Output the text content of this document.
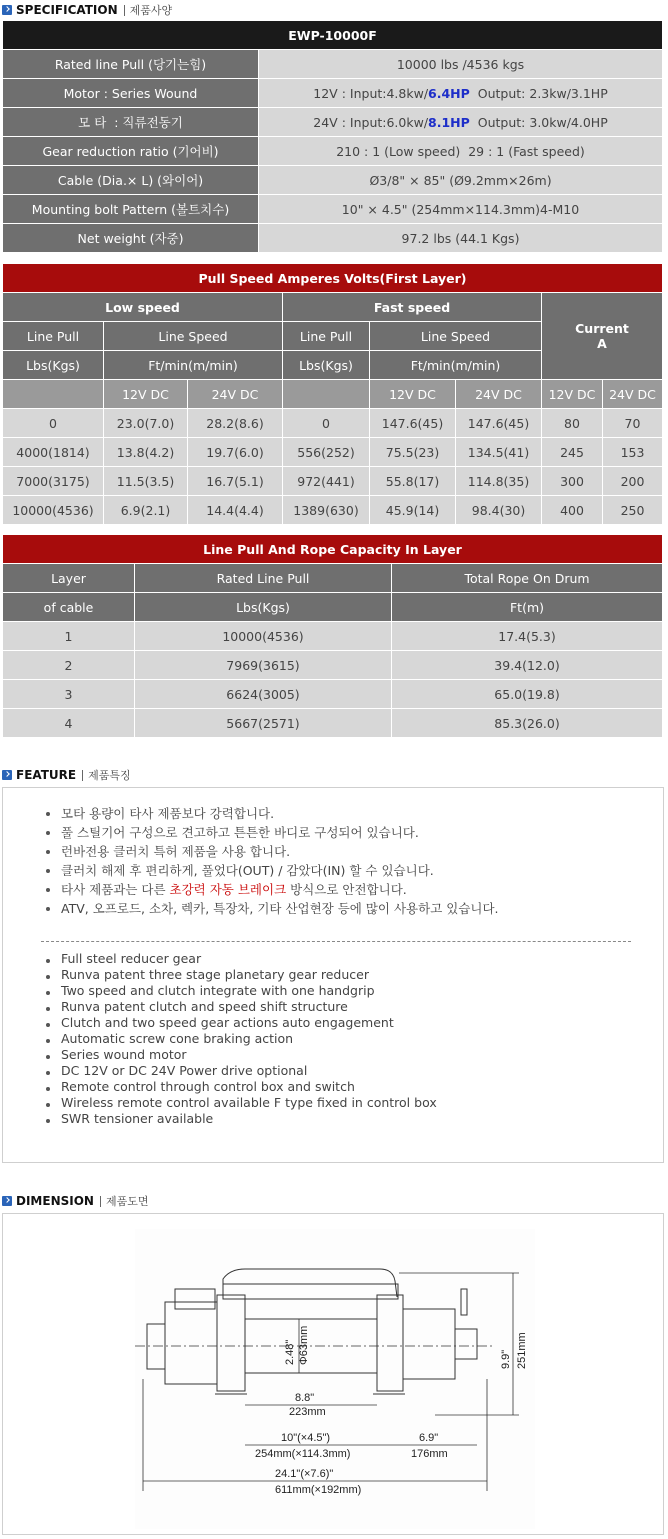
SPECIFICATION 제품사양
EWP-10000F	
Rated line Pull (당기는힘)	10000 lbs /4536 kgs
Motor : Series Wound	12V : Input:4.8kw/6.4HP  Output: 2.3kw/3.1HP
모 타  : 직류전동기	24V : Input:6.0kw/8.1HP  Output: 3.0kw/4.0HP
Gear reduction ratio (기어비)	210 : 1 (Low speed)  29 : 1 (Fast speed)
Cable (Dia.× L) (와이어)	Ø3/8" × 85" (Ø9.2mm×26m)
Mounting bolt Pattern (볼트치수)	10" × 4.5" (254mm×114.3mm)4-M10
Net weight (자중)	97.2 lbs (44.1 Kgs)
Pull Speed Amperes Volts(First Layer)							
Low speed			Fast speed			Current
A	

Line Pull	Line Speed		Line Pull	Line Speed			
Lbs(Kgs)	Ft/min(m/min)		Lbs(Kgs)	Ft/min(m/min)			
	12V DC	24V DC		12V DC	24V DC	12V DC	24V DC
0	23.0(7.0)	28.2(8.6)	0	147.6(45)	147.6(45)	80	70
4000(1814)	13.8(4.2)	19.7(6.0)	556(252)	75.5(23)	134.5(41)	245	153
7000(3175)	11.5(3.5)	16.7(5.1)	972(441)	55.8(17)	114.8(35)	300	200
10000(4536)	6.9(2.1)	14.4(4.4)	1389(630)	45.9(14)	98.4(30)	400	250
Line Pull And Rope Capacity In Layer		
Layer	Rated Line Pull	Total Rope On Drum
of cable	Lbs(Kgs)	Ft(m)
1	10000(4536)	17.4(5.3)
2	7969(3615)	39.4(12.0)
3	6624(3005)	65.0(19.8)
4	5667(2571)	85.3(26.0)
FEATURE 제품특징
모타 용량이 타사 제품보다 강력합니다.
풀 스틸기어 구성으로 견고하고 튼튼한 바디로 구성되어 있습니다.
런바전용 클러치 특허 제품을 사용 합니다.
클러치 해제 후 편리하게, 풀었다(OUT) / 감았다(IN) 할 수 있습니다.
타사 제품과는 다른 초강력 자동 브레이크 방식으로 안전합니다.
ATV, 오프로드, 소차, 렉카, 특장차, 기타 산업현장 등에 많이 사용하고 있습니다.
Full steel reducer gear
Runva patent three stage planetary gear reducer
Two speed and clutch integrate with one handgrip
Runva patent clutch and speed shift structure
Clutch and two speed gear actions auto engagement
Automatic screw cone braking action
Series wound motor
DC 12V or DC 24V Power drive optional
Remote control through control box and switch
Wireless remote control available F type fixed in control box
SWR tensioner available
DIMENSION 제품도면
2.48" Φ63mm
8.8"
223mm
10"(×4.5")
254mm(×114.3mm)
6.9"
176mm
24.1"(×7.6)"
611mm(×192mm)
9.9" 251mm
